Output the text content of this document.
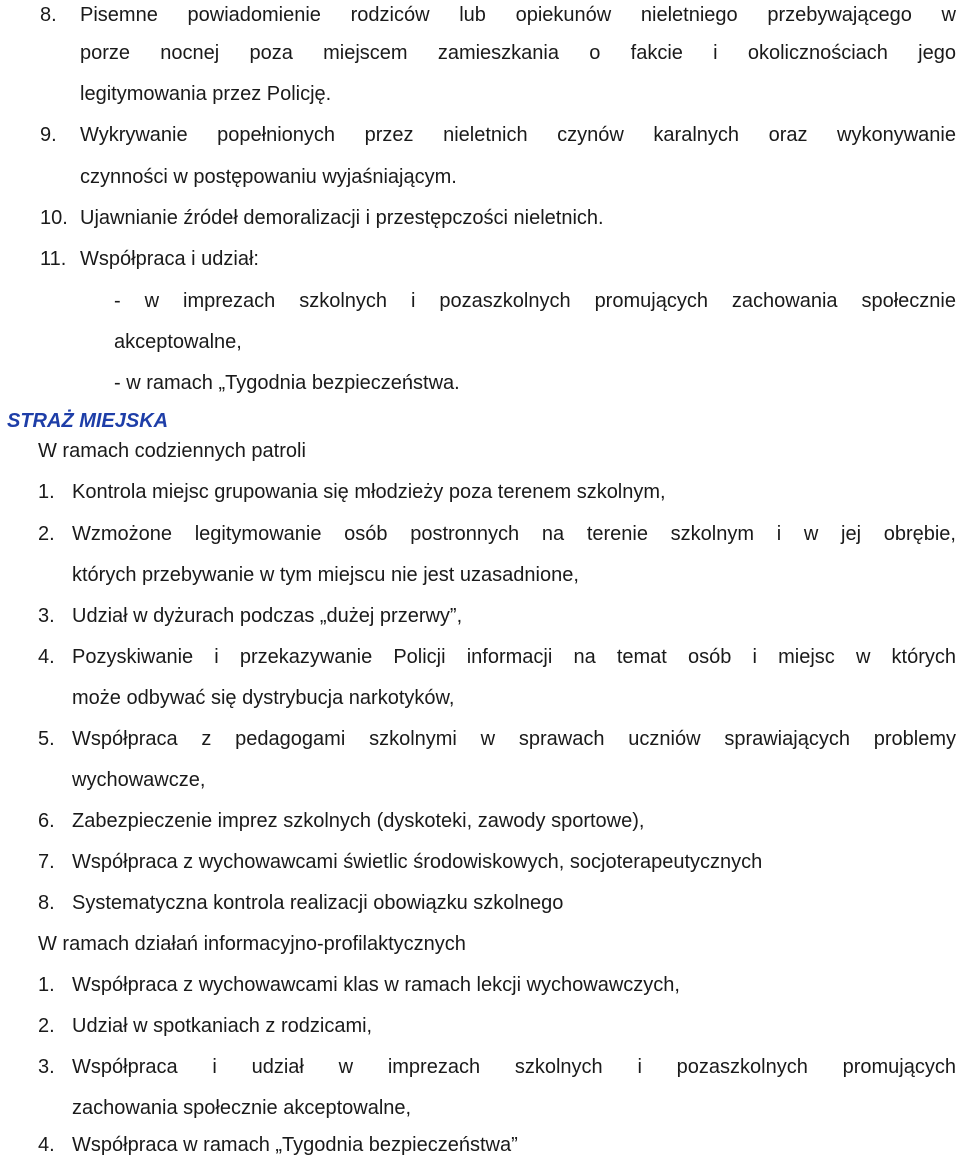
8. Pisemne powiadomienie rodziców lub opiekunów nieletniego przebywającego w
porze nocnej poza miejscem zamieszkania o fakcie i okolicznościach jego
legitymowania przez Policję.
9. Wykrywanie popełnionych przez nieletnich czynów karalnych oraz wykonywanie
czynności w postępowaniu wyjaśniającym.
10. Ujawnianie źródeł demoralizacji i przestępczości nieletnich.
11. Współpraca i udział:
- w imprezach szkolnych i pozaszkolnych promujących zachowania społecznie
akceptowalne,
- w ramach „Tygodnia bezpieczeństwa.
STRAŻ MIEJSKA
W ramach codziennych patroli
1. Kontrola miejsc grupowania się młodzieży poza terenem szkolnym,
2. Wzmożone legitymowanie osób postronnych na terenie szkolnym i w jej obrębie,
których przebywanie w tym miejscu nie jest uzasadnione,
3. Udział w dyżurach podczas „dużej przerwy”,
4. Pozyskiwanie i przekazywanie Policji informacji na temat osób i miejsc w których
może odbywać się dystrybucja narkotyków,
5. Współpraca z pedagogami szkolnymi w sprawach uczniów sprawiających problemy
wychowawcze,
6. Zabezpieczenie imprez szkolnych (dyskoteki, zawody sportowe),
7. Współpraca z wychowawcami świetlic środowiskowych, socjoterapeutycznych
8. Systematyczna kontrola realizacji obowiązku szkolnego
W ramach działań informacyjno-profilaktycznych
1. Współpraca z wychowawcami klas w ramach lekcji wychowawczych,
2. Udział w spotkaniach z rodzicami,
3. Współpraca i udział w imprezach szkolnych i pozaszkolnych promujących
zachowania społecznie akceptowalne,
4. Współpraca w ramach „Tygodnia bezpieczeństwa”
